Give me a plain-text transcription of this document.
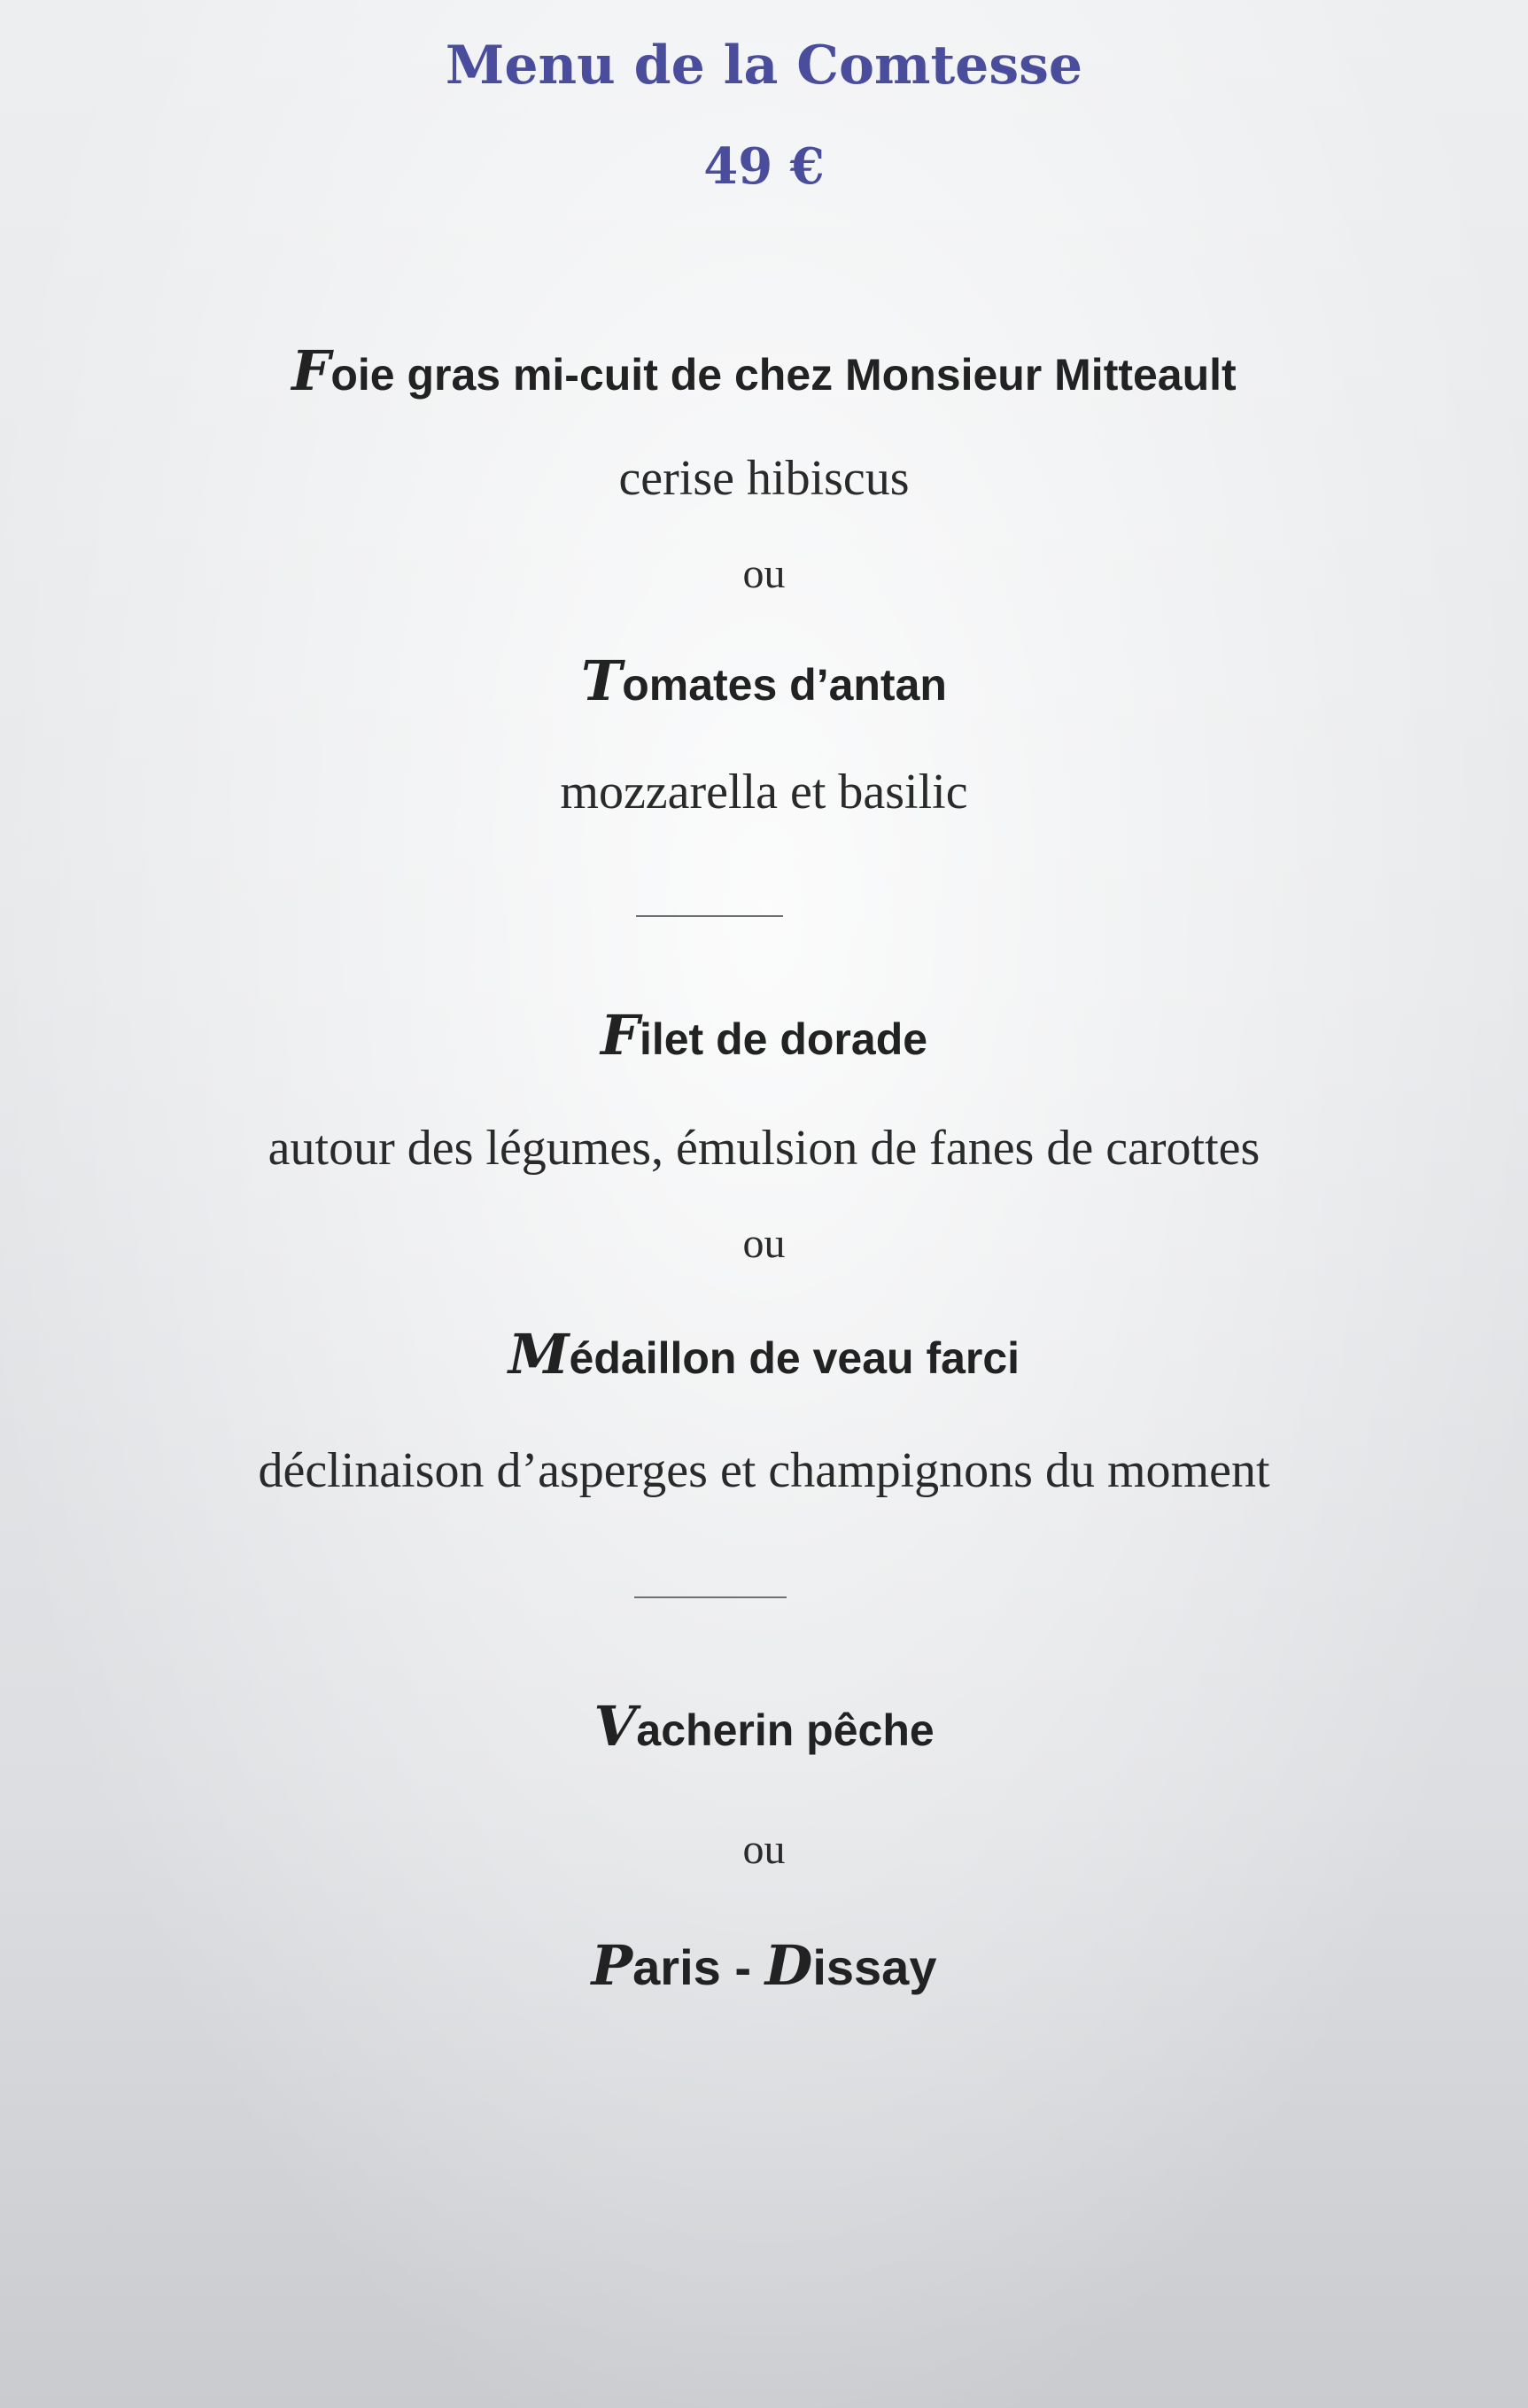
Menu de la Comtesse
49 €
Foie gras mi-cuit de chez Monsieur Mitteault
cerise hibiscus
ou
Tomates d’antan
mozzarella et basilic
Filet de dorade
autour des légumes, émulsion de fanes de carottes
ou
Médaillon de veau farci
déclinaison d’asperges et champignons du moment
Vacherin pêche
ou
Paris - Dissay
